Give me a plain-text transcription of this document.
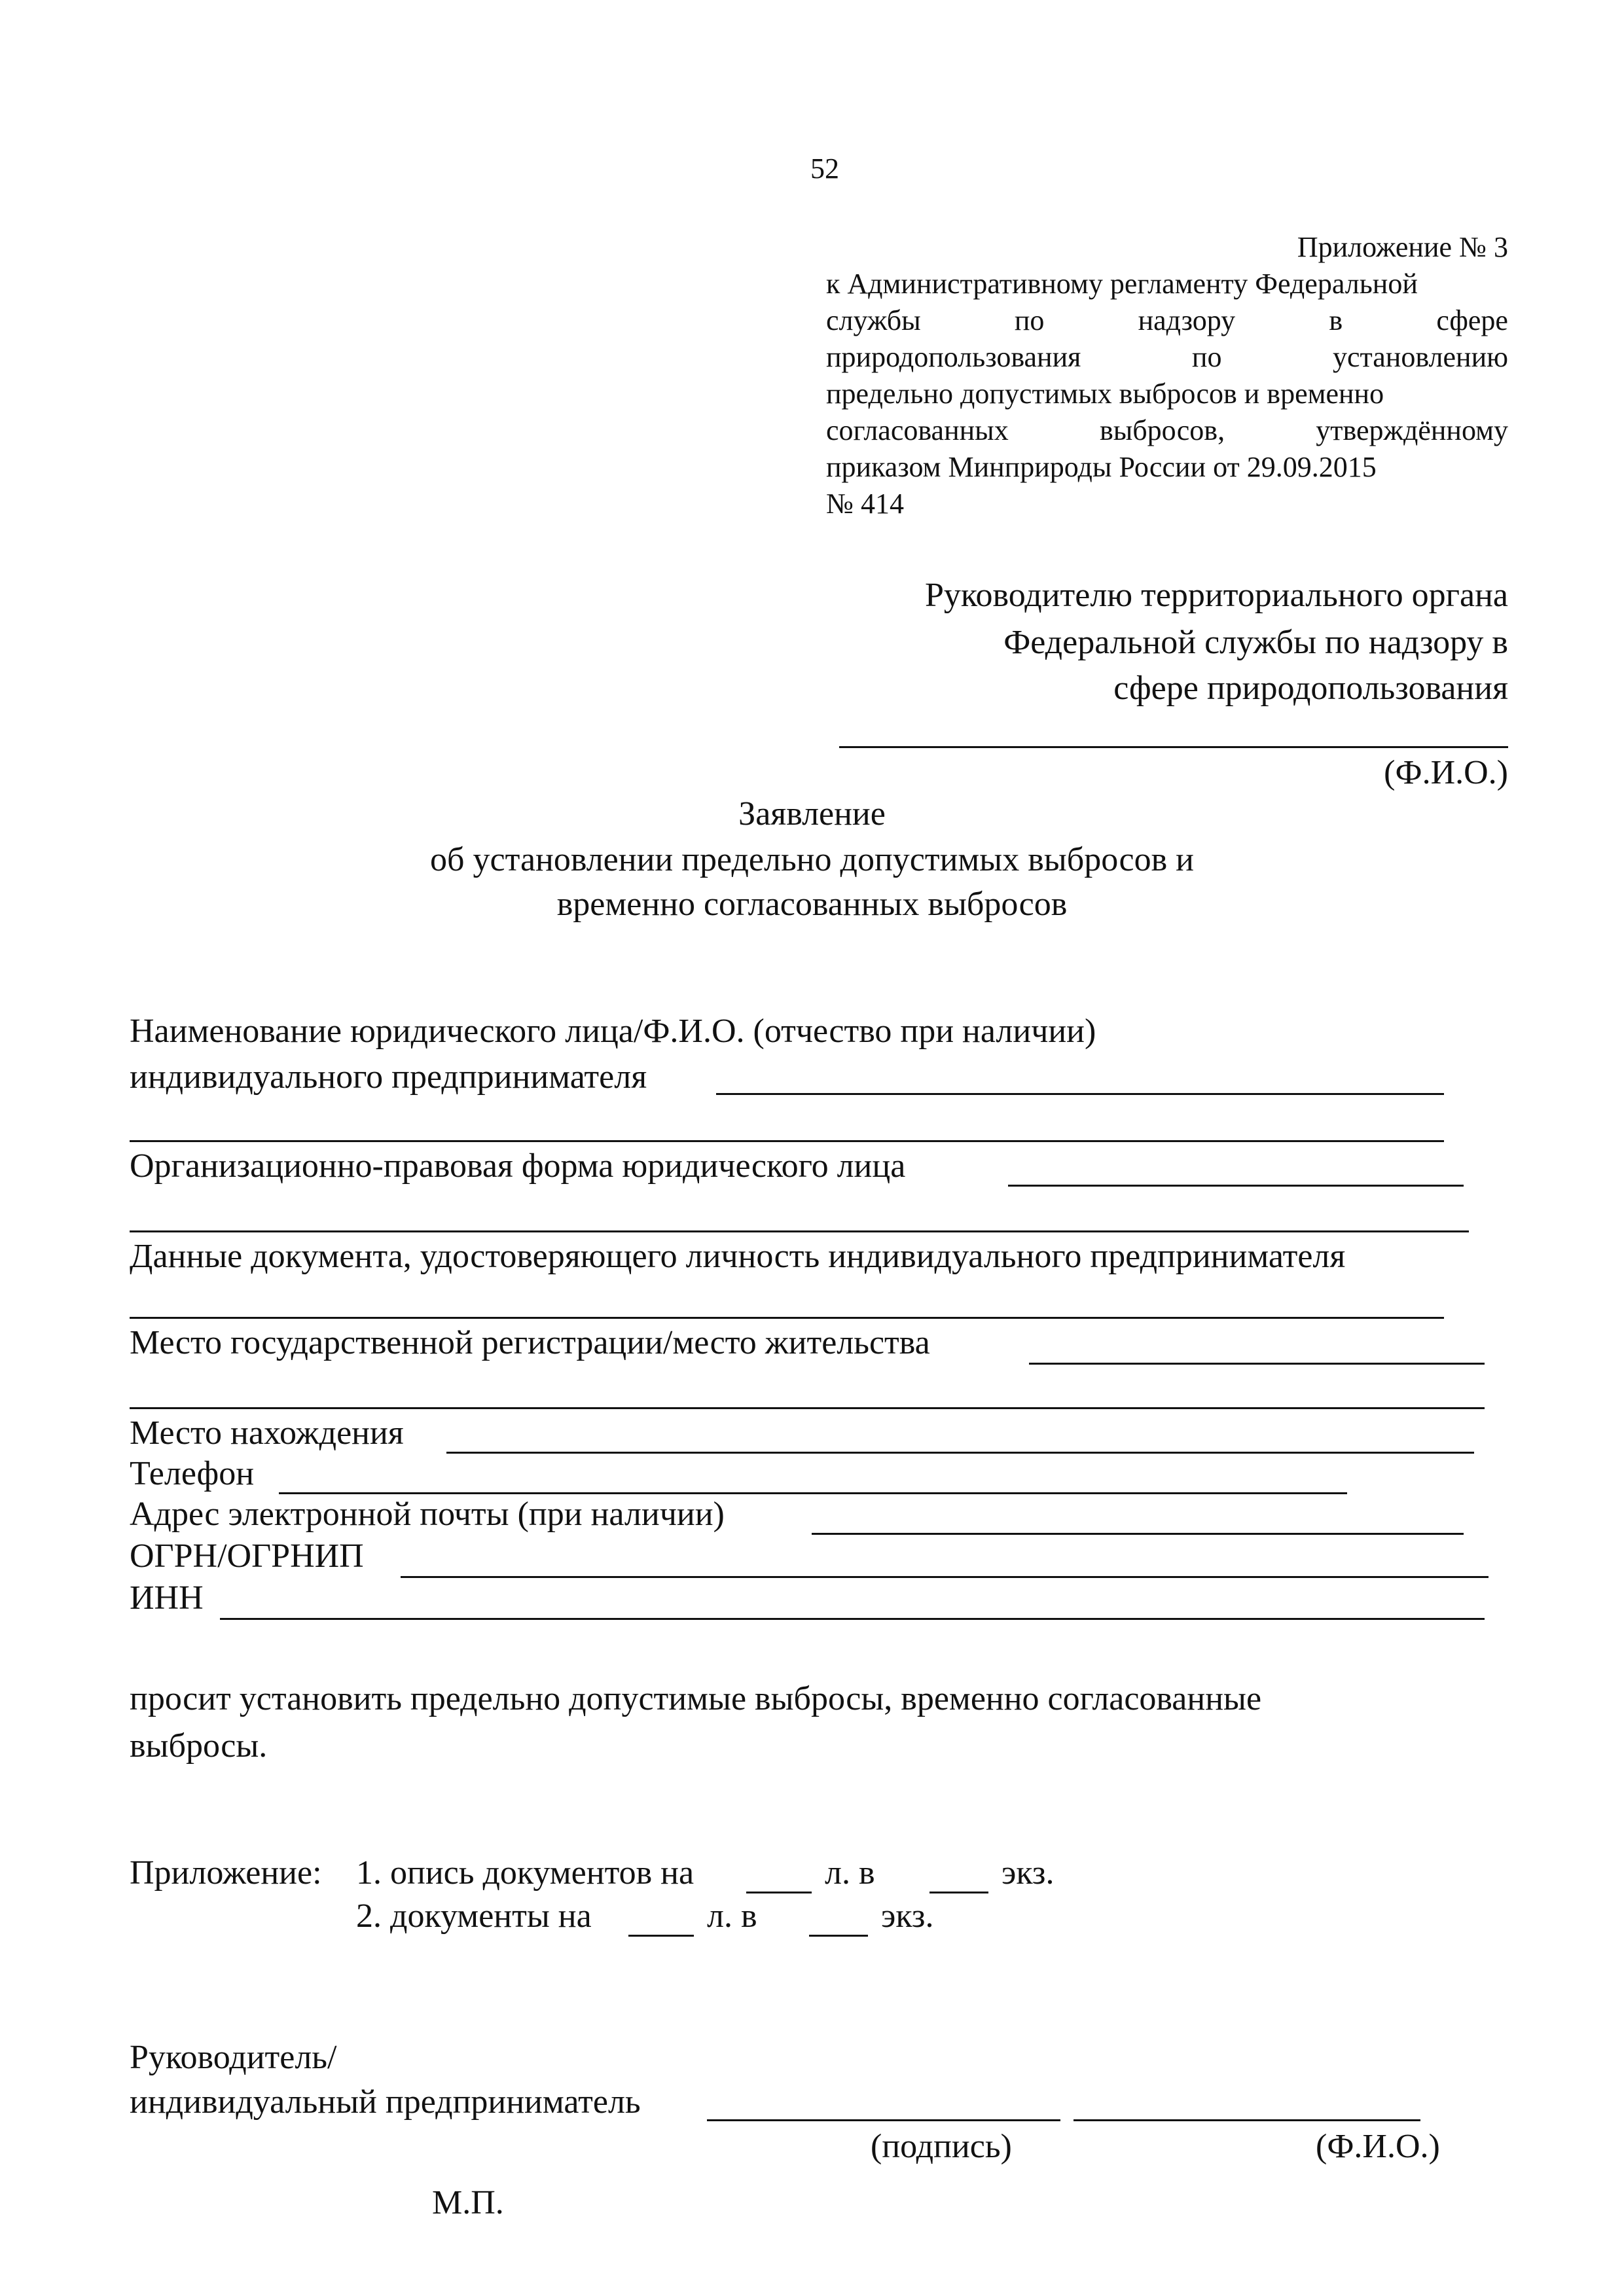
52
Приложение № 3
к Административному регламенту Федеральной
службы	по	надзору	в	сфере
природопользования	по	установлению
предельно допустимых выбросов и временно
согласованных	выбросов,	утверждённому
приказом Минприроды России от 29.09.2015
№ 414
Руководителю территориального органа
Федеральной службы по надзору в
сфере природопользования
(Ф.И.О.)
Заявление
об установлении предельно допустимых выбросов и
временно согласованных выбросов
Наименование юридического лица/Ф.И.О. (отчество при наличии)
индивидуального предпринимателя
Организационно-правовая форма юридического лица
Данные документа, удостоверяющего личность индивидуального предпринимателя
Место государственной регистрации/место жительства
Место нахождения
Телефон
Адрес электронной почты (при наличии)
ОГРН/ОГРНИП
ИНН
просит установить предельно допустимые выбросы, временно согласованные
выбросы.
Приложение: 1. опись документов на	л. в	экз.
2. документы на	л. в	экз.
Руководитель/
индивидуальный предприниматель
(подпись)	(Ф.И.О.)
М.П.
